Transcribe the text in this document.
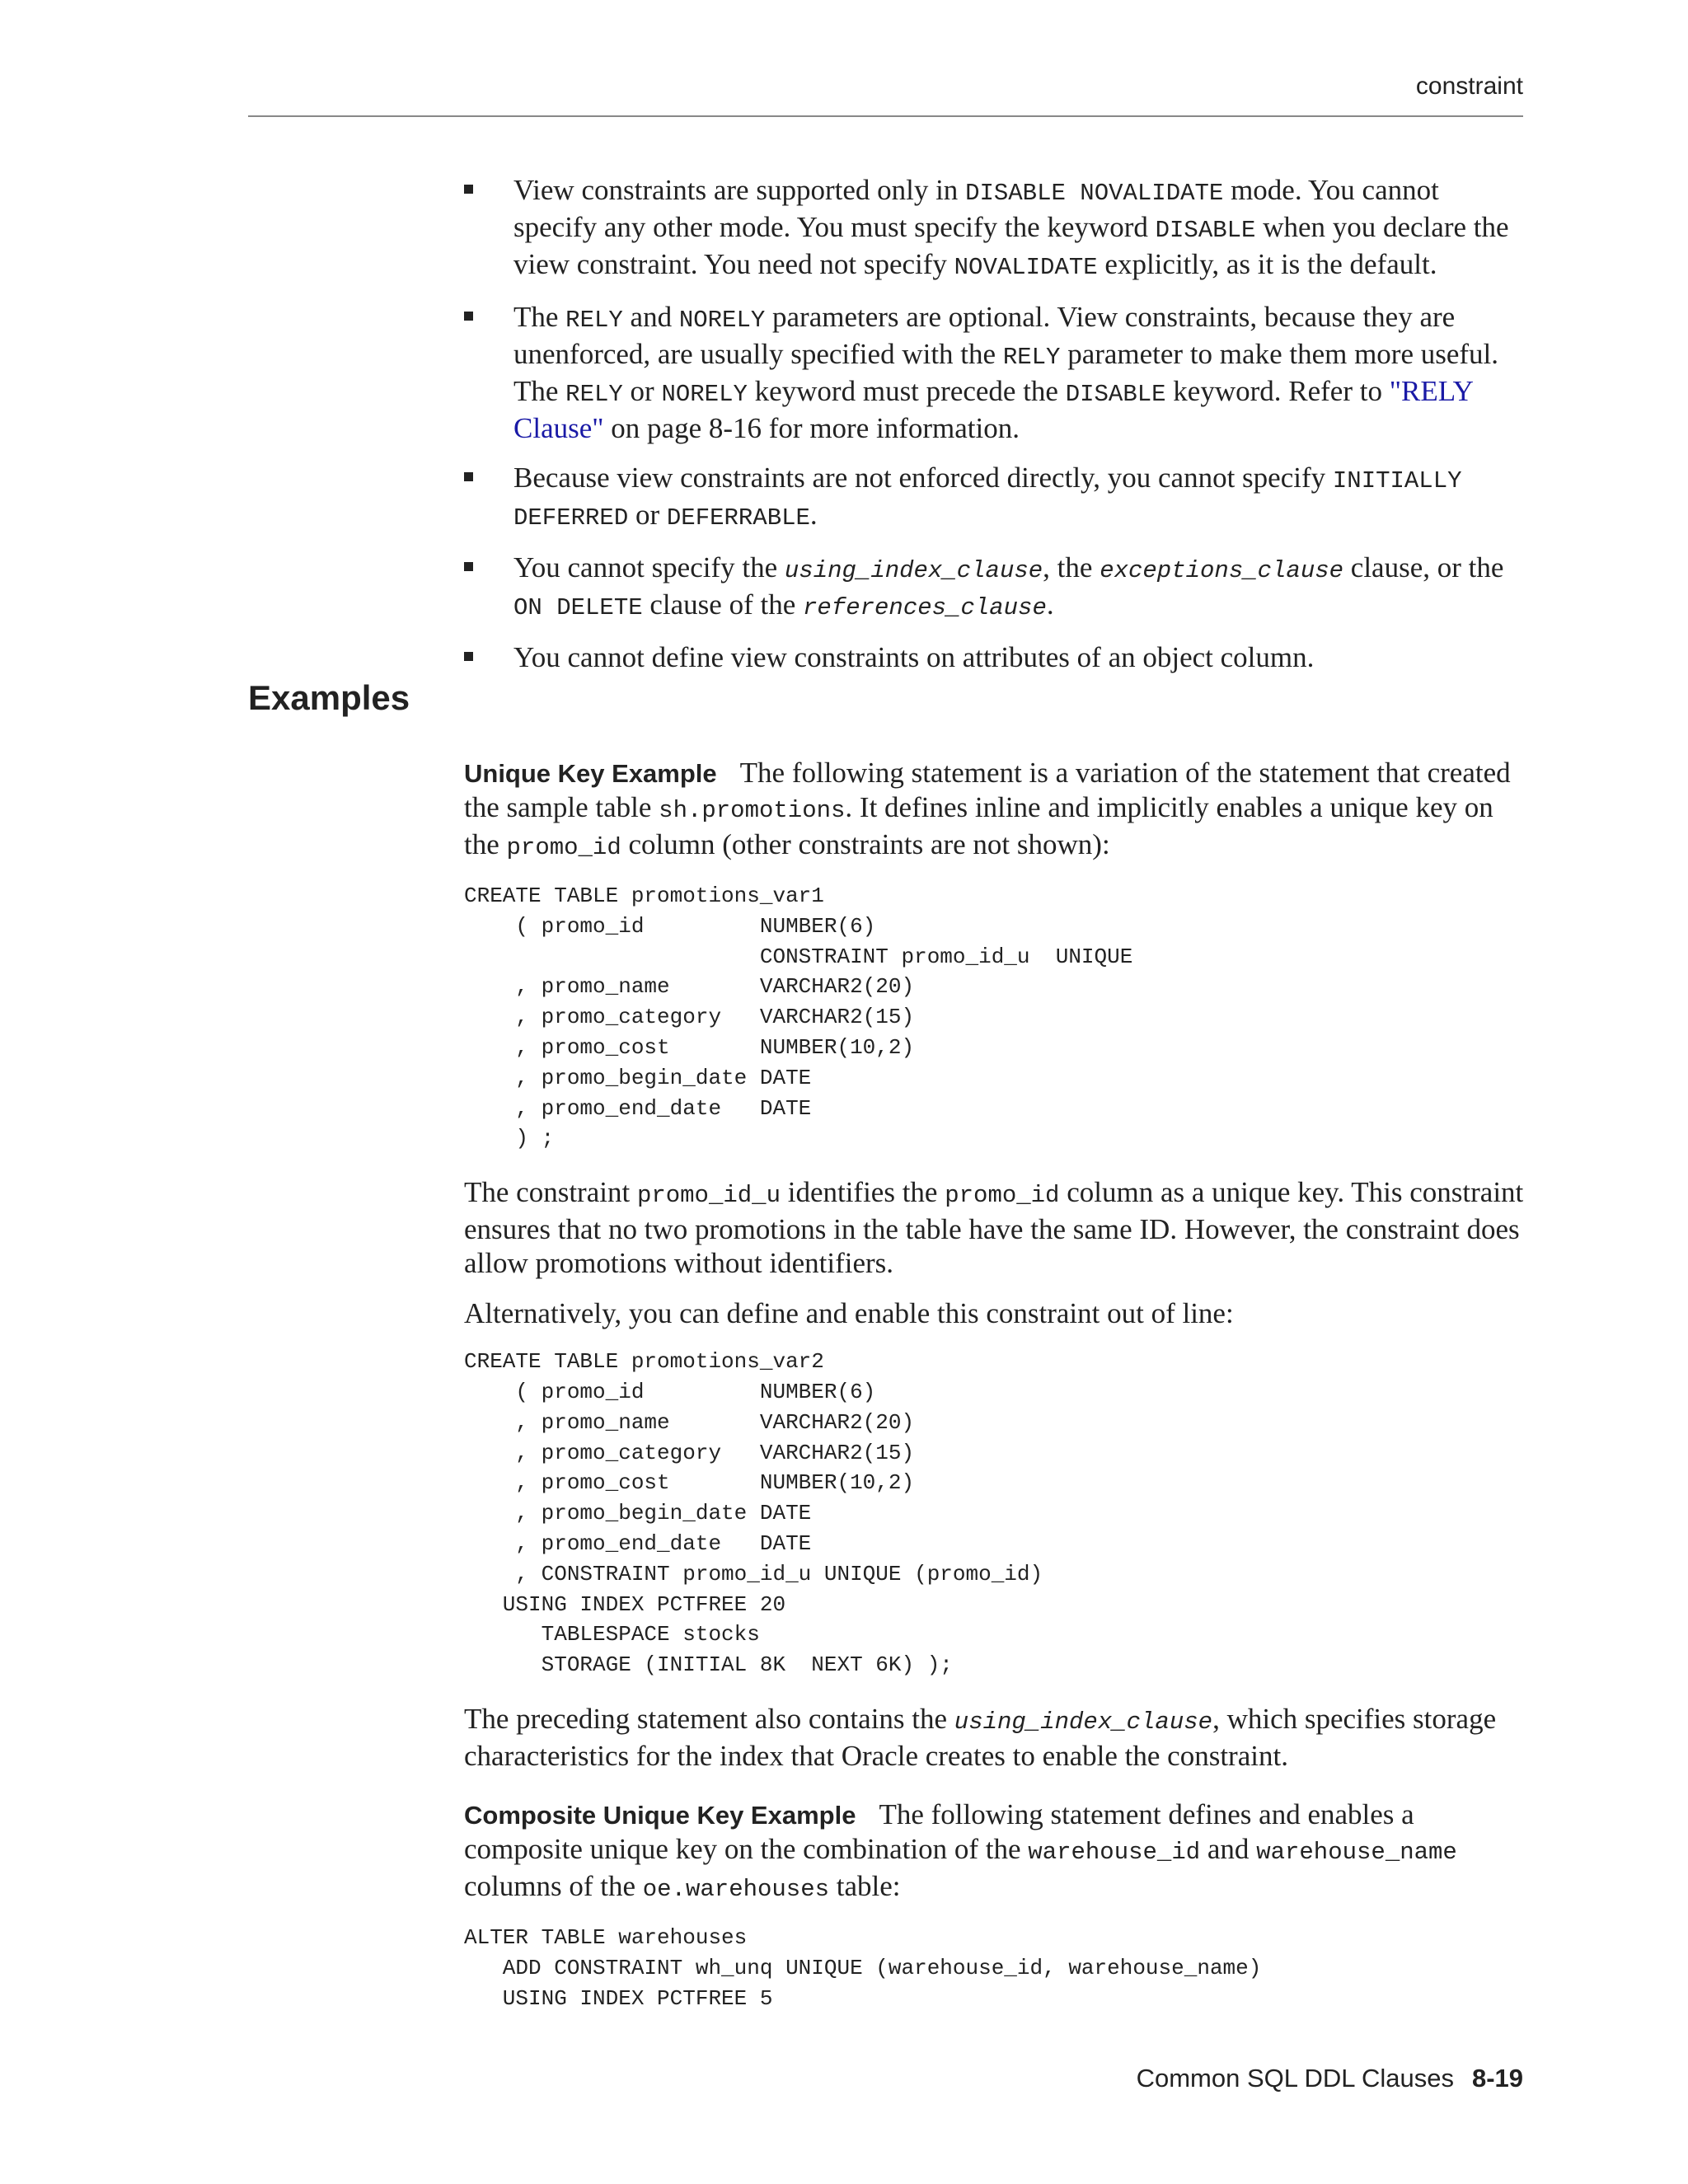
constraint
View constraints are supported only in DISABLE NOVALIDATE mode. You cannot specify any other mode. You must specify the keyword DISABLE when you declare the view constraint. You need not specify NOVALIDATE explicitly, as it is the default.
The RELY and NORELY parameters are optional. View constraints, because they are unenforced, are usually specified with the RELY parameter to make them more useful. The RELY or NORELY keyword must precede the DISABLE keyword. Refer to "RELY Clause" on page 8-16 for more information.
Because view constraints are not enforced directly, you cannot specify INITIALLY DEFERRED or DEFERRABLE.
You cannot specify the using_index_clause, the exceptions_clause clause, or the ON DELETE clause of the references_clause.
You cannot define view constraints on attributes of an object column.
Examples

Unique Key Example The following statement is a variation of the statement that created the sample table sh.promotions. It defines inline and implicitly enables a unique key on the promo_id column (other constraints are not shown):

CREATE TABLE promotions_var1
( promo_id         NUMBER(6)
CONSTRAINT promo_id_u  UNIQUE
, promo_name       VARCHAR2(20)
, promo_category   VARCHAR2(15)
, promo_cost       NUMBER(10,2)
, promo_begin_date DATE
, promo_end_date   DATE
) ;

The constraint promo_id_u identifies the promo_id column as a unique key. This constraint ensures that no two promotions in the table have the same ID. However, the constraint does allow promotions without identifiers.

Alternatively, you can define and enable this constraint out of line:

CREATE TABLE promotions_var2
( promo_id         NUMBER(6)
, promo_name       VARCHAR2(20)
, promo_category   VARCHAR2(15)
, promo_cost       NUMBER(10,2)
, promo_begin_date DATE
, promo_end_date   DATE
, CONSTRAINT promo_id_u UNIQUE (promo_id)
USING INDEX PCTFREE 20
TABLESPACE stocks
STORAGE (INITIAL 8K  NEXT 6K) );

The preceding statement also contains the using_index_clause, which specifies storage characteristics for the index that Oracle creates to enable the constraint.

Composite Unique Key Example The following statement defines and enables a composite unique key on the combination of the warehouse_id and warehouse_name columns of the oe.warehouses table:

ALTER TABLE warehouses
ADD CONSTRAINT wh_unq UNIQUE (warehouse_id, warehouse_name)
USING INDEX PCTFREE 5
Common SQL DDL Clauses 8-19
